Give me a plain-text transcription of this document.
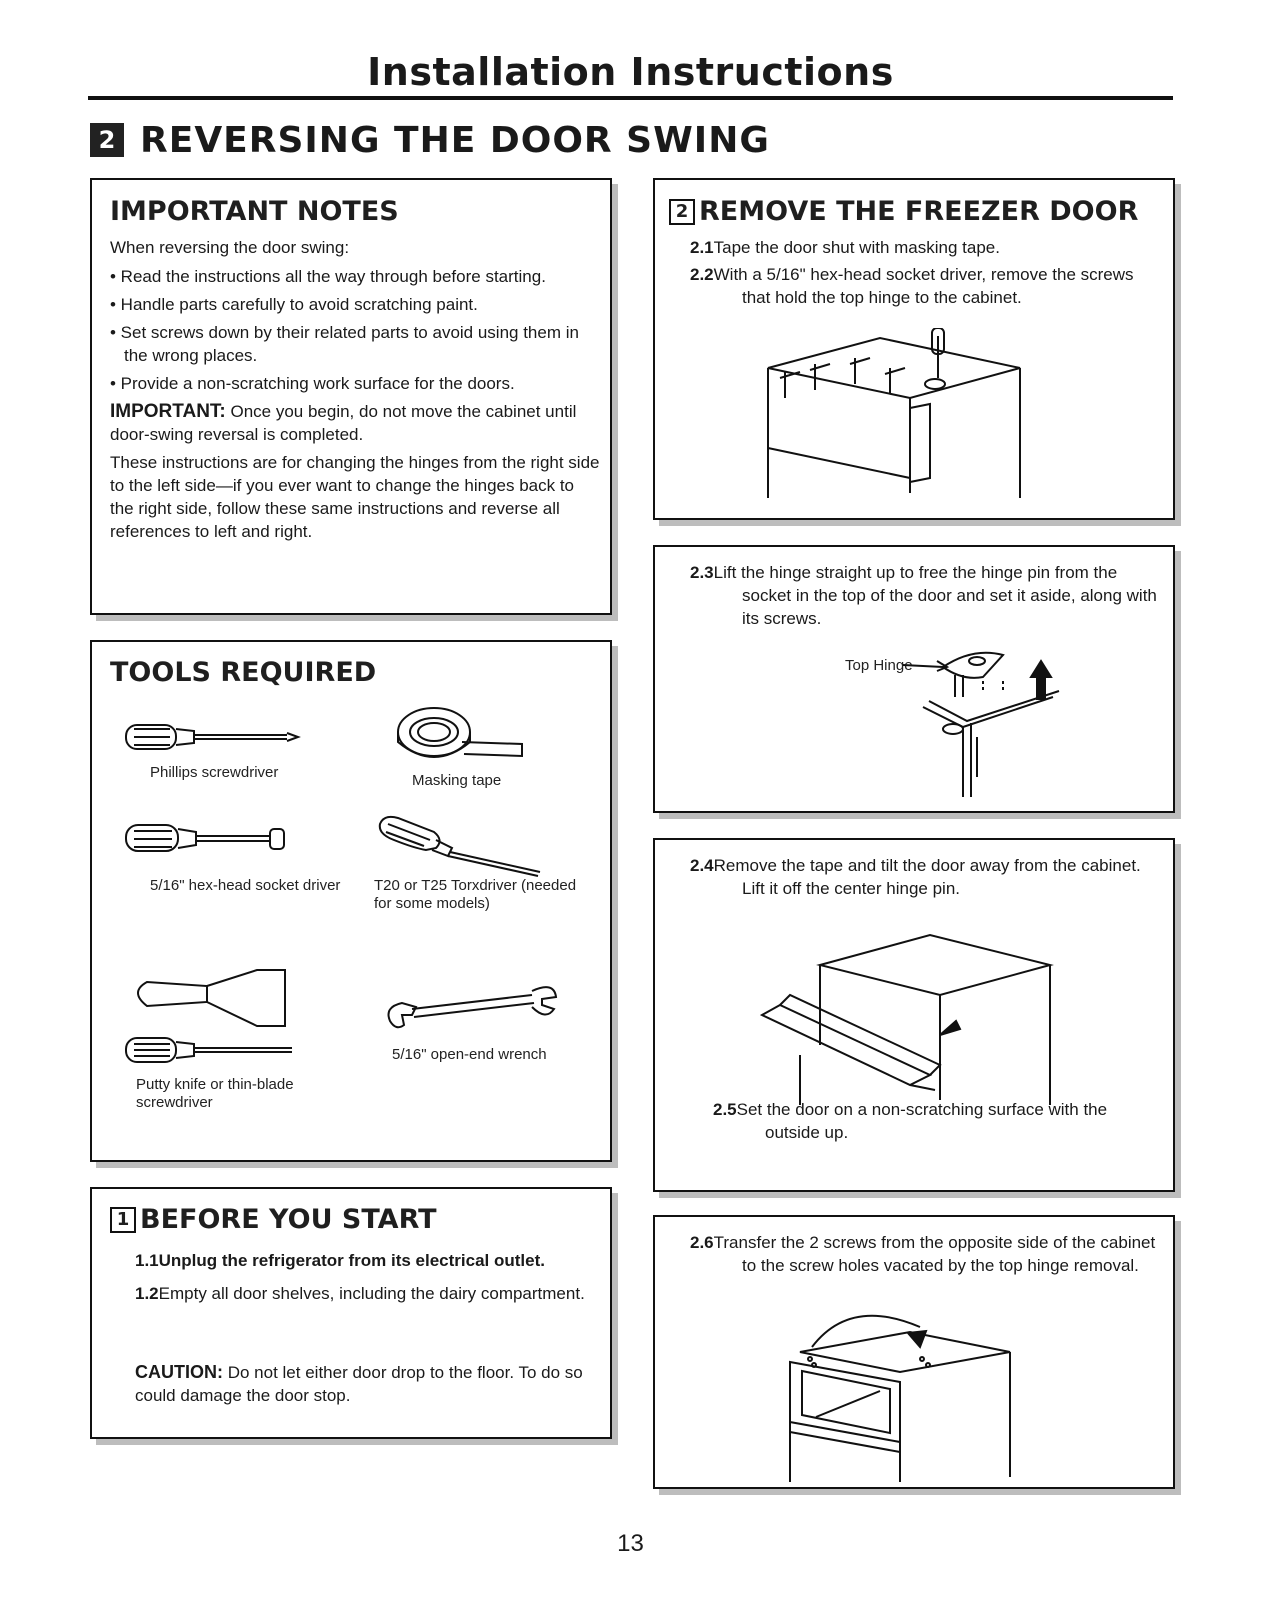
Installation Instructions
2 REVERSING THE DOOR SWING
IMPORTANT NOTES
When reversing the door swing:
• Read the instructions all the way through before starting.
• Handle parts carefully to avoid scratching paint.
• Set screws down by their related parts to avoid using them in the wrong places.
• Provide a non-scratching work surface for the doors.
IMPORTANT: Once you begin, do not move the cabinet until door-swing reversal is completed.
These instructions are for changing the hinges from the right side to the left side—if you ever want to change the hinges back to the right side, follow these same instructions and reverse all references to left and right.
TOOLS REQUIRED
Phillips screwdriver	Masking tape
5/16" hex-head socket driver T20 or T25 Torxdriver (needed for some models)
Putty knife or thin-blade screwdriver
5/16" open-end wrench
1 BEFORE YOU START
1.1Unplug the refrigerator from its electrical outlet.
1.2Empty all door shelves, including the dairy compartment.
CAUTION: Do not let either door drop to the floor. To do so could damage the door stop.
2 REMOVE THE FREEZER DOOR
2.1Tape the door shut with masking tape.
2.2With a 5/16" hex-head socket driver, remove the screws that hold the top hinge to the cabinet.
2.3Lift the hinge straight up to free the hinge pin from the socket in the top of the door and set it aside, along with its screws.
Top Hinge
2.4Remove the tape and tilt the door away from the cabinet. Lift it off the center hinge pin.
2.5Set the door on a non-scratching surface with the outside up.
2.6Transfer the 2 screws from the opposite side of the cabinet to the screw holes vacated by the top hinge removal.
13
